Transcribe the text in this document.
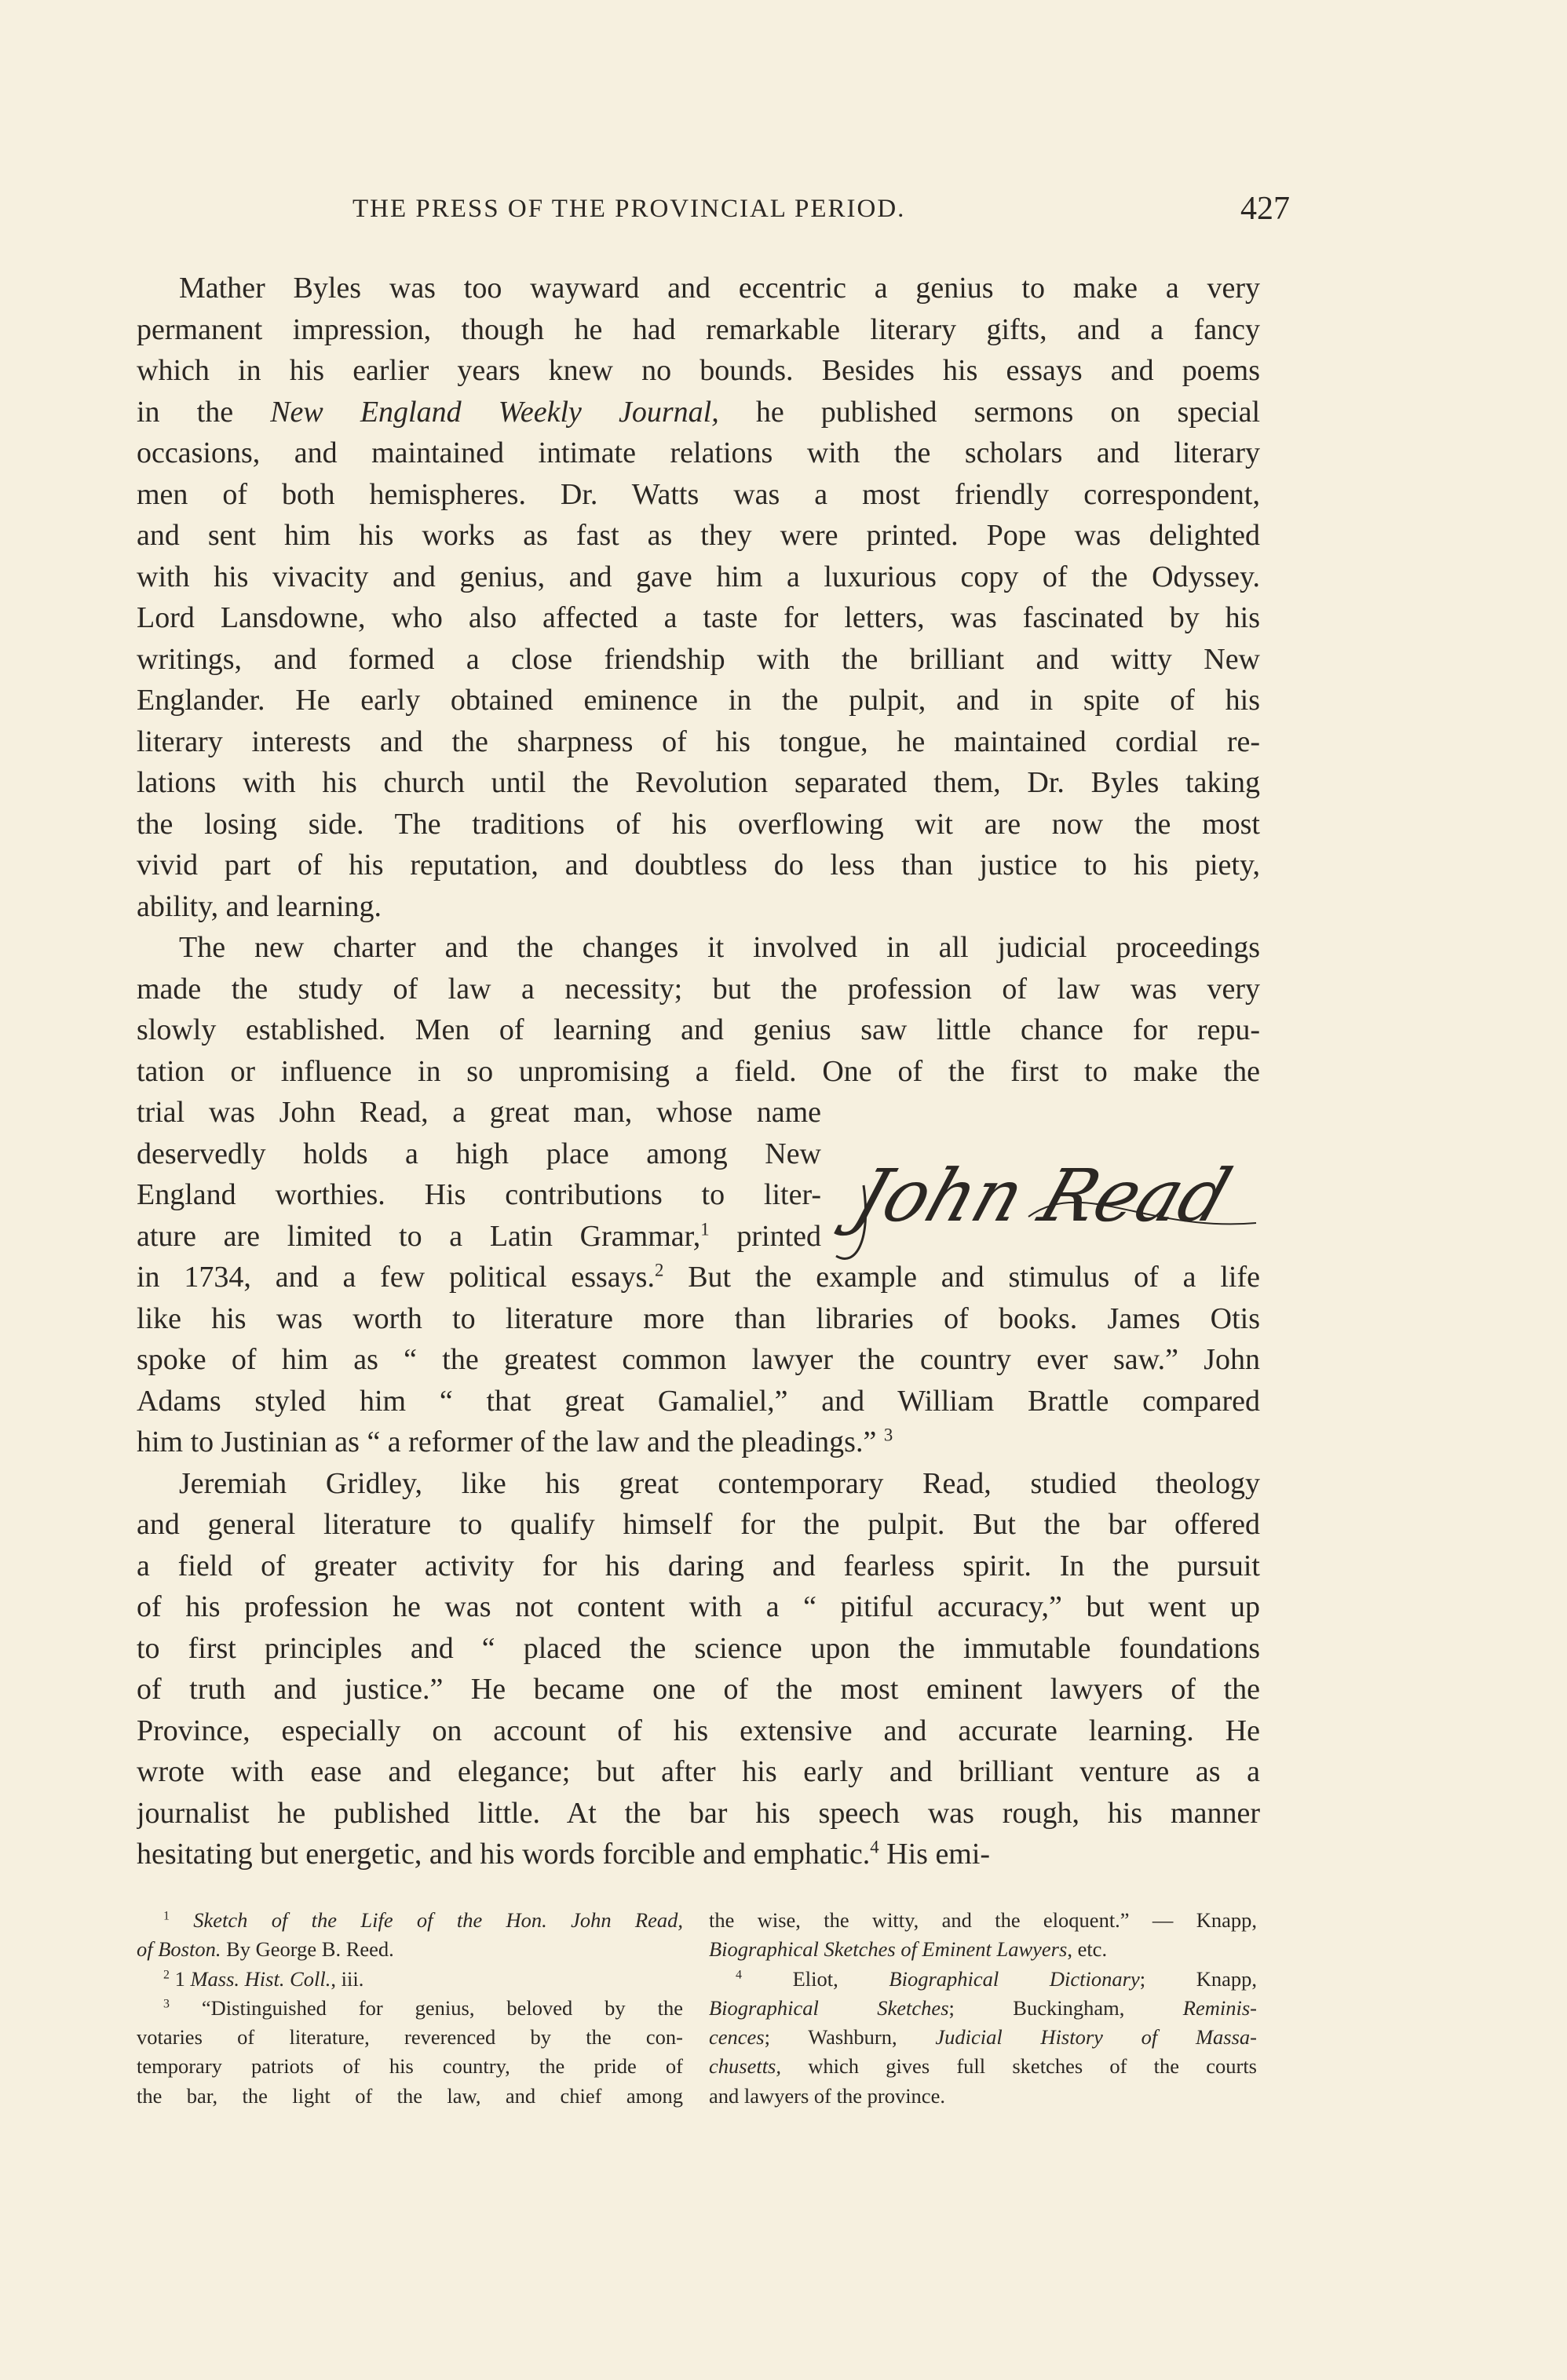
THE PRESS OF THE PROVINCIAL PERIOD.	427
Mather Byles was too wayward and eccentric a genius to make a very
permanent impression, though he had remarkable literary gifts, and a fancy
which in his earlier years knew no bounds. Besides his essays and poems
in the New England Weekly Journal, he published sermons on special
occasions, and maintained intimate relations with the scholars and literary
men of both hemispheres. Dr. Watts was a most friendly correspondent,
and sent him his works as fast as they were printed. Pope was delighted
with his vivacity and genius, and gave him a luxurious copy of the Odyssey.
Lord Lansdowne, who also affected a taste for letters, was fascinated by his
writings, and formed a close friendship with the brilliant and witty New
Englander. He early obtained eminence in the pulpit, and in spite of his
literary interests and the sharpness of his tongue, he maintained cordial re-
lations with his church until the Revolution separated them, Dr. Byles taking
the losing side. The traditions of his overflowing wit are now the most
vivid part of his reputation, and doubtless do less than justice to his piety,
ability, and learning.
The new charter and the changes it involved in all judicial proceedings
made the study of law a necessity; but the profession of law was very
slowly established. Men of learning and genius saw little chance for repu-
tation or influence in so unpromising a field. One of the first to make the
trial was John Read, a great man, whose name
deservedly holds a high place among New
England worthies. His contributions to liter-
ature are limited to a Latin Grammar,$^1$ printed
in 1734, and a few political essays.$^2$ But the example and stimulus of a life
like his was worth to literature more than libraries of books. James Otis
spoke of him as “ the greatest common lawyer the country ever saw.” John
Adams styled him “ that great Gamaliel,” and William Brattle compared
him to Justinian as “ a reformer of the law and the pleadings.” $^3$
Jeremiah Gridley, like his great contemporary Read, studied theology
and general literature to qualify himself for the pulpit. But the bar offered
a field of greater activity for his daring and fearless spirit. In the pursuit
of his profession he was not content with a “ pitiful accuracy,” but went up
to first principles and “ placed the science upon the immutable foundations
of truth and justice.” He became one of the most eminent lawyers of the
Province, especially on account of his extensive and accurate learning. He
wrote with ease and elegance; but after his early and brilliant venture as a
journalist he published little. At the bar his speech was rough, his manner
hesitating but energetic, and his words forcible and emphatic.$^4$ His emi-
John Read
$^1$ Sketch of the Life of the Hon. John Read,
of Boston. By George B. Reed.
$^2$ 1 Mass. Hist. Coll., iii.
$^3$ “Distinguished for genius, beloved by the
votaries of literature, reverenced by the con-
temporary patriots of his country, the pride of
the bar, the light of the law, and chief among
the wise, the witty, and the eloquent.” — Knapp,
Biographical Sketches of Eminent Lawyers, etc.
$^4$ Eliot, Biographical Dictionary; Knapp,
Biographical Sketches; Buckingham, Reminis-
cences; Washburn, Judicial History of Massa-
chusetts, which gives full sketches of the courts
and lawyers of the province.
